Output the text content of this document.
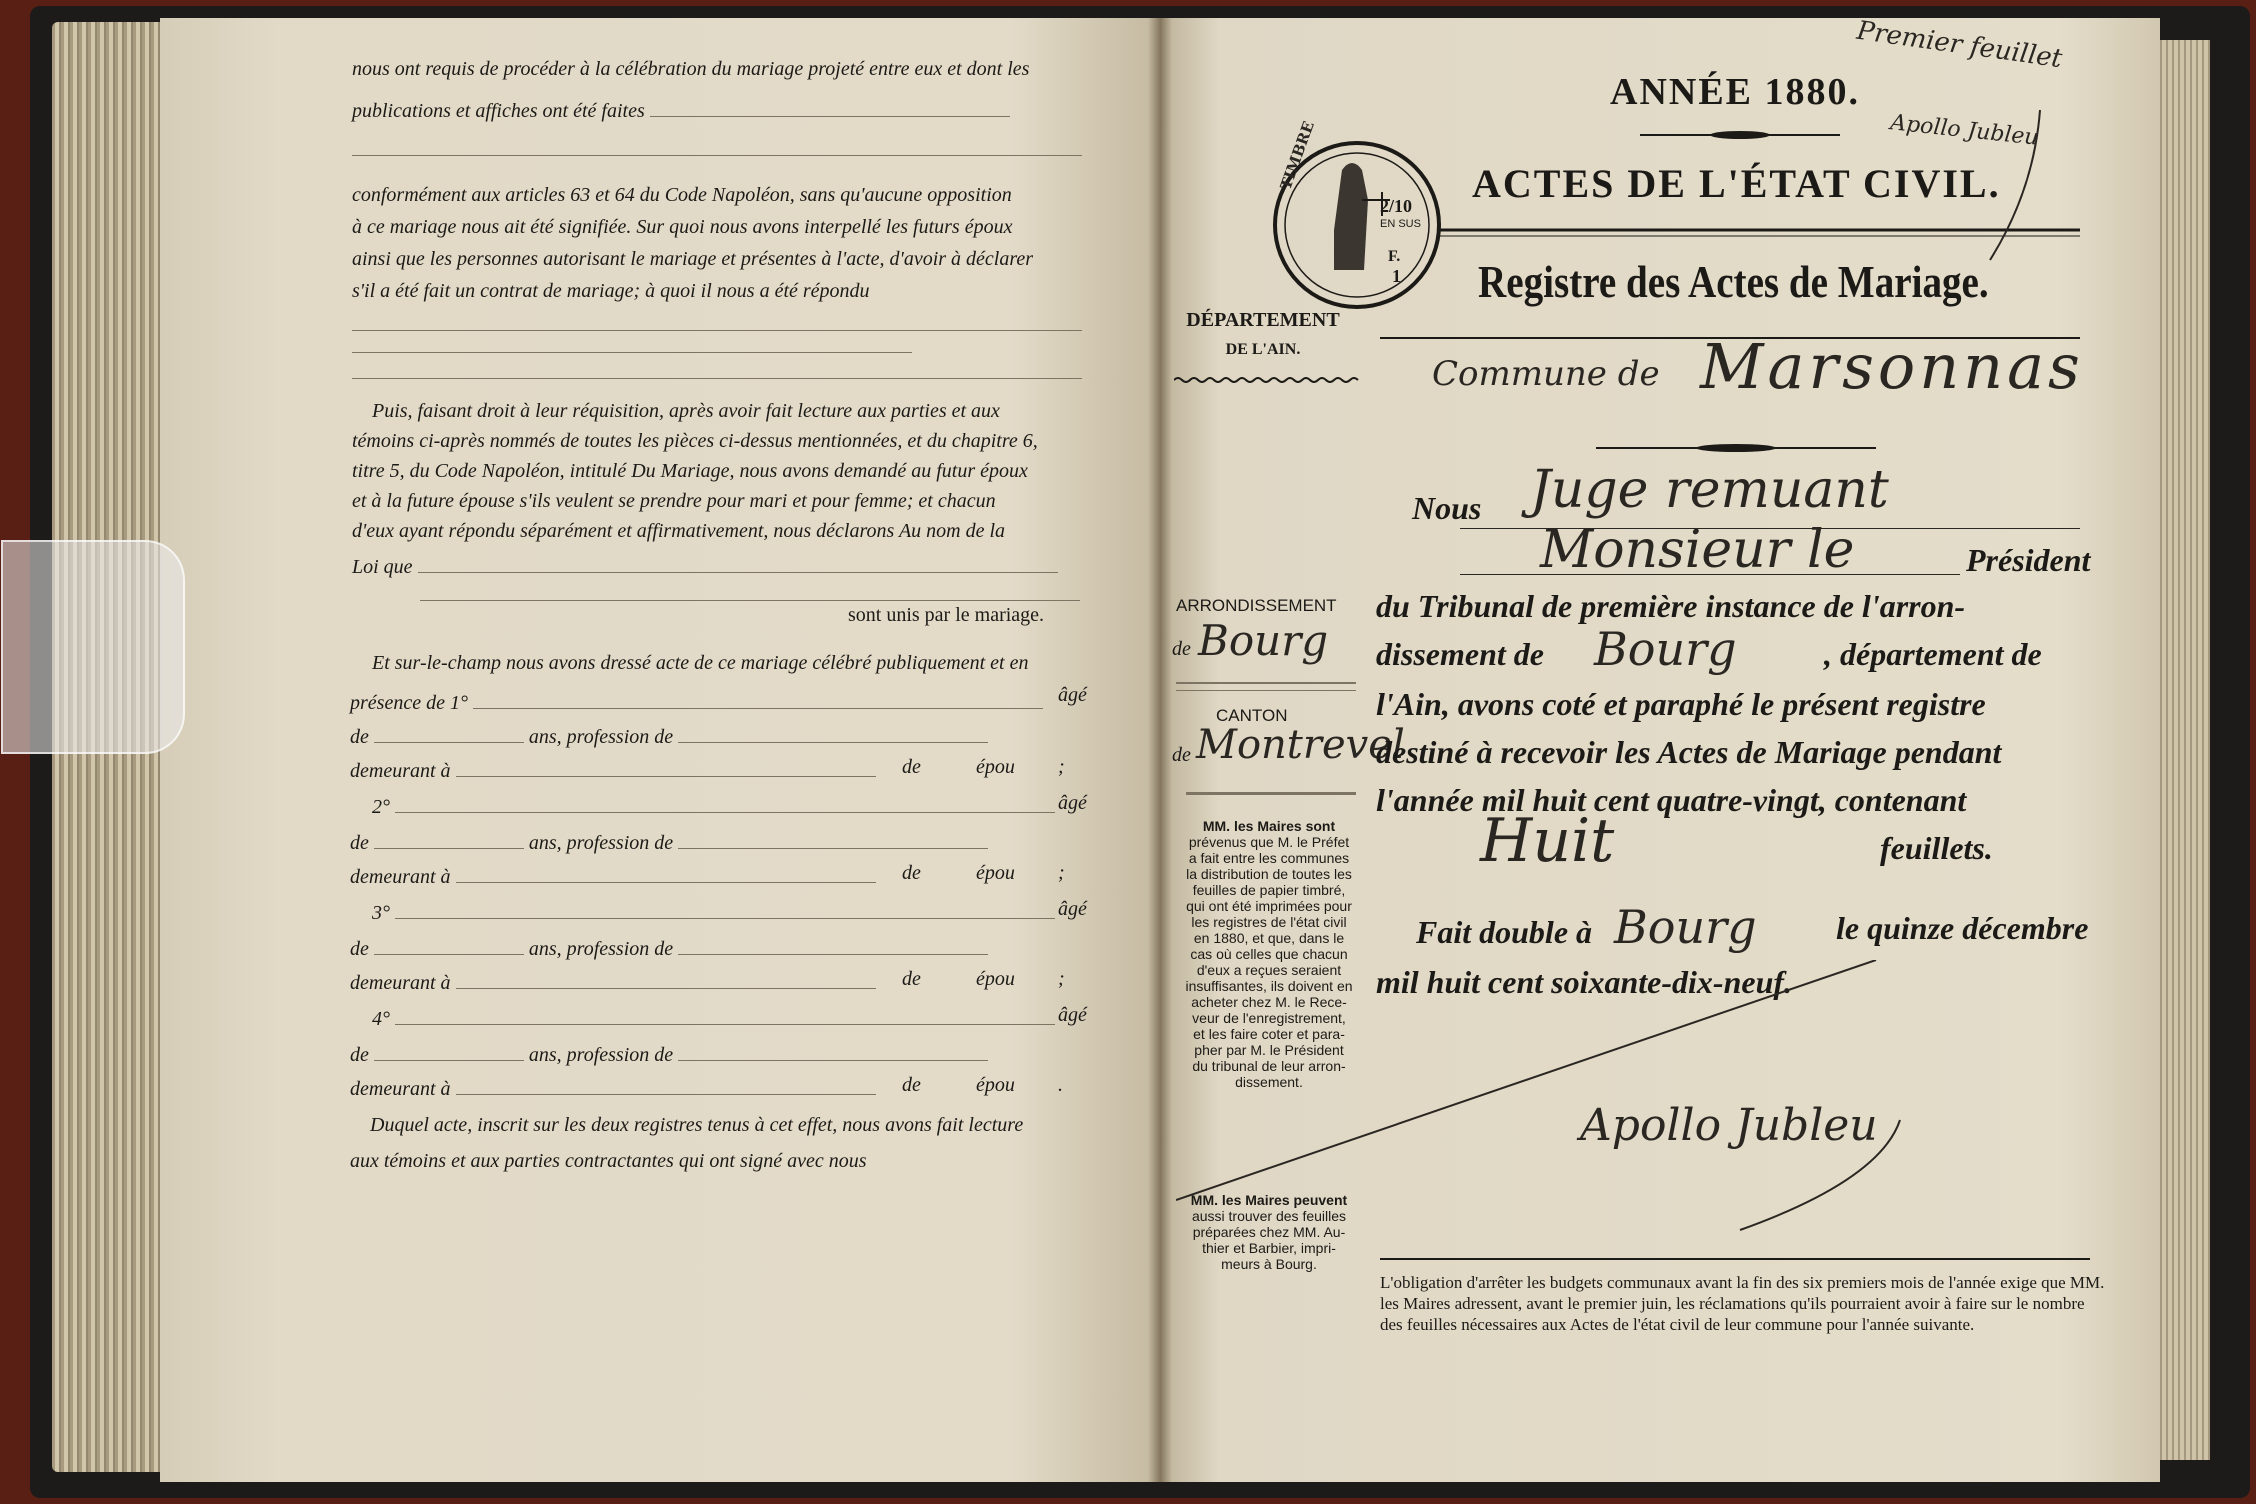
nous ont requis de procéder à la célébration du mariage projeté entre eux et dont les
publications et affiches ont été faites
conformément aux articles 63 et 64 du Code Napoléon, sans qu'aucune opposition
à ce mariage nous ait été signifiée. Sur quoi nous avons interpellé les futurs époux
ainsi que les personnes autorisant le mariage et présentes à l'acte, d'avoir à déclarer
s'il a été fait un contrat de mariage; à quoi il nous a été répondu
Puis, faisant droit à leur réquisition, après avoir fait lecture aux parties et aux
témoins ci-après nommés de toutes les pièces ci-dessus mentionnées, et du chapitre 6,
titre 5, du Code Napoléon, intitulé Du Mariage, nous avons demandé au futur époux
et à la future épouse s'ils veulent se prendre pour mari et pour femme; et chacun
d'eux ayant répondu séparément et affirmativement, nous déclarons Au nom de la
Loi que
sont unis par le mariage.
Et sur-le-champ nous avons dressé acte de ce mariage célébré publiquement et en
présence de 1°	âgé
de	ans, profession de
demeurant à	de	épou ;
2°	âgé
de	ans, profession de
demeurant à	de	épou ;
3°	âgé
de	ans, profession de
demeurant à	de	épou ;
4°	âgé
de	ans, profession de
demeurant à	de	épou .
Duquel acte, inscrit sur les deux registres tenus à cet effet, nous avons fait lecture
aux témoins et aux parties contractantes qui ont signé avec nous
ANNÉE 1880.
ACTES DE L'ÉTAT CIVIL.
Registre des Actes de Mariage.
TIMBRE
2/10
EN SUS
F.
1
DÉPARTEMENT
DE L'AIN.
Commune de Marsonnas
Nous Juge remuant
Monsieur le	Président
ARRONDISSEMENT
de Bourg
CANTON
de Montrevel
du Tribunal de première instance de l'arron-
dissement de Bourg	, département de
l'Ain, avons coté et paraphé le présent registre
destiné à recevoir les Actes de Mariage pendant
l'année mil huit cent quatre-vingt, contenant
Huit	feuillets.
Fait double à Bourg le quinze décembre
mil huit cent soixante-dix-neuf.
Apollo Jubleu
MM. les Maires sont
prévenus que M. le Préfet
a fait entre les communes
la distribution de toutes les
feuilles de papier timbré,
qui ont été imprimées pour
les registres de l'état civil
en 1880, et que, dans le
cas où celles que chacun
d'eux a reçues seraient
insuffisantes, ils doivent en
acheter chez M. le Rece-
veur de l'enregistrement,
et les faire coter et para-
pher par M. le Président
du tribunal de leur arron-
dissement.
MM. les Maires peuvent
aussi trouver des feuilles
préparées chez MM. Au-
thier et Barbier, impri-
meurs à Bourg.
L'obligation d'arrêter les budgets communaux avant la fin des six premiers mois de l'année exige que MM. les Maires adressent, avant le premier juin, les réclamations qu'ils pourraient avoir à faire sur le nombre des feuilles nécessaires aux Actes de l'état civil de leur commune pour l'année suivante.
Premier feuillet
Apollo Jubleu
